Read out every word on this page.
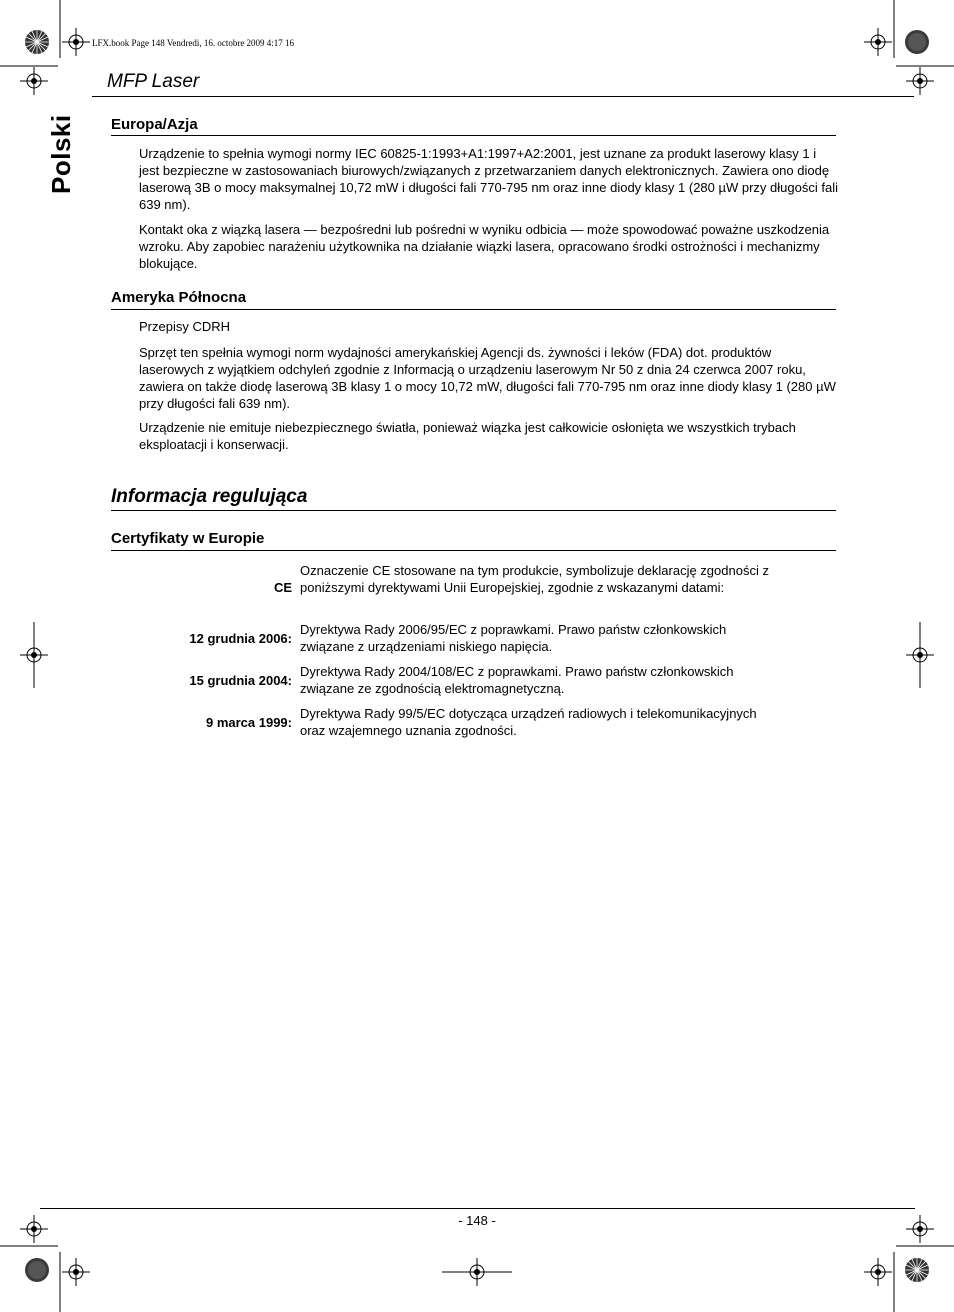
LFX.book Page 148 Vendredi, 16. octobre 2009 4:17 16
MFP Laser
Polski Europa/Azja
Urządzenie to spełnia wymogi normy IEC 60825-1:1993+A1:1997+A2:2001, jest uznane za produkt laserowy klasy 1 i jest bezpieczne w zastosowaniach biurowych/związanych z przetwarzaniem danych elektronicznych. Zawiera ono diodę laserową 3B o mocy maksymalnej 10,72 mW i długości fali 770-795 nm oraz inne diody klasy 1 (280 µW przy długości fali 639 nm).
Kontakt oka z wiązką lasera — bezpośredni lub pośredni w wyniku odbicia — może spowodować poważne uszkodzenia wzroku. Aby zapobiec narażeniu użytkownika na działanie wiązki lasera, opracowano środki ostrożności i mechanizmy blokujące.
Ameryka Północna
Przepisy CDRH
Sprzęt ten spełnia wymogi norm wydajności amerykańskiej Agencji ds. żywności i leków (FDA) dot. produktów laserowych z wyjątkiem odchyleń zgodnie z Informacją o urządzeniu laserowym Nr 50 z dnia 24 czerwca 2007 roku, zawiera on także diodę laserową 3B klasy 1 o mocy 10,72 mW, długości fali 770-795 nm oraz inne diody klasy 1 (280 µW przy długości fali 639 nm).
Urządzenie nie emituje niebezpiecznego światła, ponieważ wiązka jest całkowicie osłonięta we wszystkich trybach eksploatacji i konserwacji.
Informacja regulująca
Certyfikaty w Europie
CE
Oznaczenie CE stosowane na tym produkcie, symbolizuje deklarację zgodności z poniższymi dyrektywami Unii Europejskiej, zgodnie z wskazanymi datami:
12 grudnia 2006:
Dyrektywa Rady 2006/95/EC z poprawkami. Prawo państw członkowskich związane z urządzeniami niskiego napięcia.
15 grudnia 2004:
Dyrektywa Rady 2004/108/EC z poprawkami. Prawo państw członkowskich związane ze zgodnością elektromagnetyczną.
9 marca 1999:
Dyrektywa Rady 99/5/EC dotycząca urządzeń radiowych i telekomunikacyjnych oraz wzajemnego uznania zgodności.
- 148 -
